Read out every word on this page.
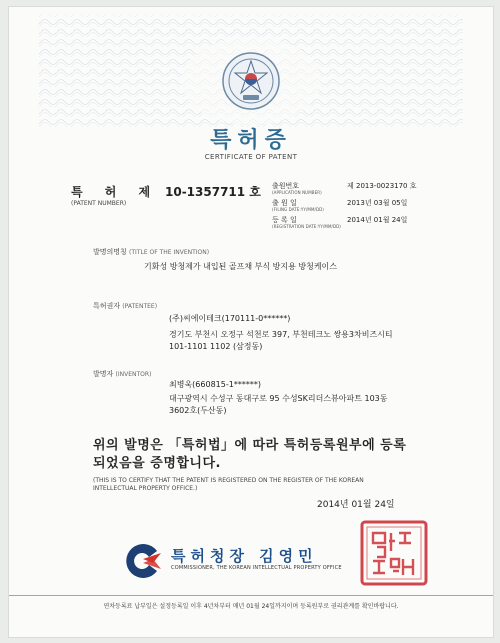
특허증
CERTIFICATE OF PATENT
특 허 제 10-1357711 호
(PATENT NUMBER)
출원번호
(APPLICATION NUMBER)
제 2013-0023170 호
출 원 일
(FILING DATE:YY/MM/DD)
2013년 03월 05일
등 록 일
(REGISTRATION DATE:YY/MM/DD)
2014년 01월 24일
발명의명칭 (TITLE OF THE INVENTION)
기화성 방청제가 내입된 골프채 부식 방지용 방청케이스
특허권자 (PATENTEE)
(주)씨에이테크(170111-0******)
경기도 부천시 오정구 석천로 397, 부천테크노 쌍용3차비즈시티
101-1101 1102 (삼정동)
발명자 (INVENTOR)
최병욱(660815-1******)
대구광역시 수성구 동대구로 95 수성SK리더스뷰아파트 103동
3602호(두산동)
위의 발명은 「특허법」에 따라 특허등록원부에 등록
되었음을 증명합니다.
(THIS IS TO CERTIFY THAT THE PATENT IS REGISTERED ON THE REGISTER OF THE KOREAN
INTELLECTUAL PROPERTY OFFICE.)
2014년 01월 24일
특허청장 김영민
COMMISSIONER, THE KOREAN INTELLECTUAL PROPERTY OFFICE
연차등록료 납부일은 설정등록일 이후 4년차부터 매년 01월 24일까지이며 등록원부로 권리관계를 확인바랍니다.
